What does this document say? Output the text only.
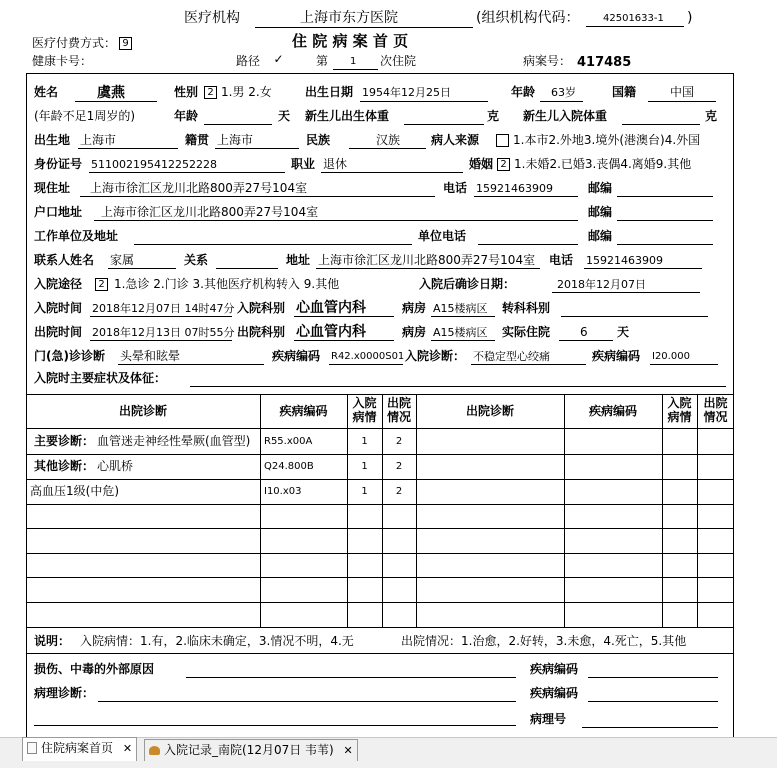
医疗机构	上海市东方医院	(组织机构代码： 42501633-1 )
医疗付费方式： 9	住 院 病 案 首 页
健康卡号：	路径 ✓	第 1 次住院	病案号： 417485
姓名	虞燕	性别 2 1.男 2.女	出生日期 1954年12月25日	年龄 63岁	国籍	中国
(年龄不足1周岁的)	年龄	天 新生儿出生体重	克 新生儿入院体重	克
出生地 上海市	籍贯 上海市	民族	汉族	病人来源	1.本市2.外地3.境外(港澳台)4.外国
身份证号 511002195412252228	职业 退休	婚姻 2 1.未婚2.已婚3.丧偶4.离婚9.其他
现住址 上海市徐汇区龙川北路800弄27号104室	电话 15921463909	邮编
户口地址 上海市徐汇区龙川北路800弄27号104室	邮编
工作单位及地址	单位电话	邮编
联系人姓名 家属	关系	地址 上海市徐汇区龙川北路800弄27号104室 电话 15921463909
入院途径	2 1.急诊 2.门诊 3.其他医疗机构转入 9.其他	入院后确诊日期：	2018年12月07日
入院时间 2018年12月07日 14时47分 入院科别 心血管内科	病房 A15楼病区 转科科别
出院时间 2018年12月13日 07时55分 出院科别 心血管内科	病房 A15楼病区 实际住院 6 天
门(急)诊诊断 头晕和眩晕	疾病编码 R42.x0000S01 入院诊断： 不稳定型心绞痛	疾病编码 I20.000
入院时主要症状及体征：
出院诊断	疾病编码
入院
病情
出院
情况	出院诊断	疾病编码
入院
病情
出院
情况
主要诊断： 血管迷走神经性晕厥(血管型) R55.x00A	1	2
其他诊断： 心肌桥	Q24.800B	1	2
高血压1级(中危)	I10.x03	1	2
说明： 入院病情：1.有，2.临床未确定，3.情况不明，4.无	出院情况：1.治愈，2.好转，3.未愈，4.死亡，5.其他
损伤、中毒的外部原因	疾病编码
病理诊断：	疾病编码
病理号
住院病案首页 ✕	入院记录_南院(12月07日 韦苇) ✕
